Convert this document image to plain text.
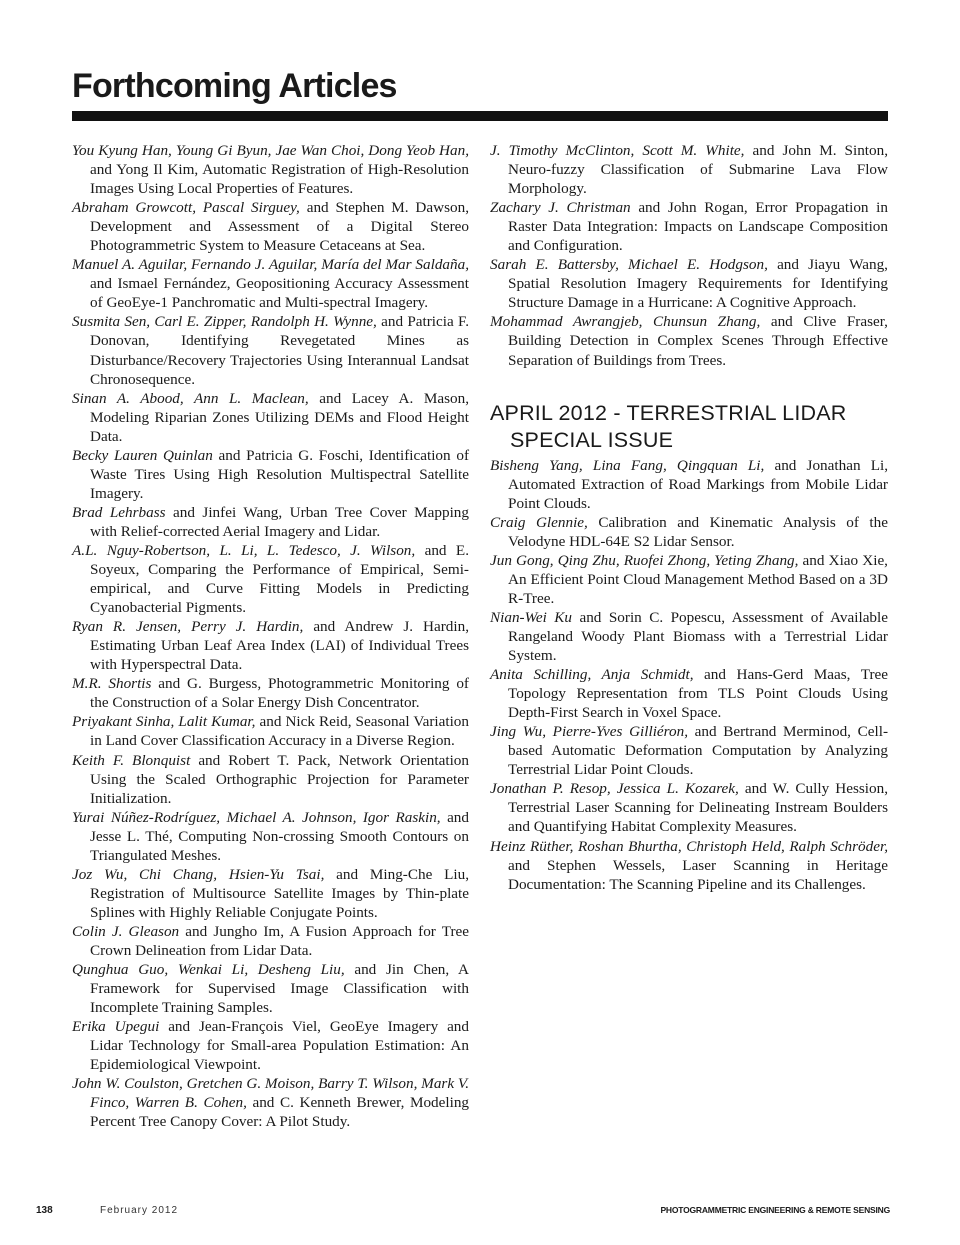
Forthcoming Articles

You Kyung Han, Young Gi Byun, Jae Wan Choi, Dong Yeob Han, and Yong Il Kim, Automatic Registration of High-Resolution Images Using Local Properties of Features.

Abraham Growcott, Pascal Sirguey, and Stephen M. Dawson, Development and Assessment of a Digital Stereo Photogrammetric System to Measure Cetaceans at Sea.

Manuel A. Aguilar, Fernando J. Aguilar, María del Mar Saldaña, and Ismael Fernández, Geopositioning Accuracy Assessment of GeoEye-1 Panchromatic and Multi-spectral Imagery.

Susmita Sen, Carl E. Zipper, Randolph H. Wynne, and Patricia F. Donovan, Identifying Revegetated Mines as Disturbance/Recovery Trajectories Using Interannual Landsat Chronosequence.

Sinan A. Abood, Ann L. Maclean, and Lacey A. Mason, Modeling Riparian Zones Utilizing DEMs and Flood Height Data.

Becky Lauren Quinlan and Patricia G. Foschi, Identification of Waste Tires Using High Resolution Multispectral Satellite Imagery.

Brad Lehrbass and Jinfei Wang, Urban Tree Cover Mapping with Relief-corrected Aerial Imagery and Lidar.

A.L. Nguy-Robertson, L. Li, L. Tedesco, J. Wilson, and E. Soyeux, Comparing the Performance of Empirical, Semi-empirical, and Curve Fitting Models in Predicting Cyanobacterial Pigments.

Ryan R. Jensen, Perry J. Hardin, and Andrew J. Hardin, Estimating Urban Leaf Area Index (LAI) of Individual Trees with Hyperspectral Data.

M.R. Shortis and G. Burgess, Photogrammetric Monitoring of the Construction of a Solar Energy Dish Concentrator.

Priyakant Sinha, Lalit Kumar, and Nick Reid, Seasonal Variation in Land Cover Classification Accuracy in a Diverse Region.

Keith F. Blonquist and Robert T. Pack, Network Orientation Using the Scaled Orthographic Projection for Parameter Initialization.

Yurai Núñez-Rodríguez, Michael A. Johnson, Igor Raskin, and Jesse L. Thé, Computing Non-crossing Smooth Contours on Triangulated Meshes.

Joz Wu, Chi Chang, Hsien-Yu Tsai, and Ming-Che Liu, Registration of Multisource Satellite Images by Thin-plate Splines with Highly Reliable Conjugate Points.

Colin J. Gleason and Jungho Im, A Fusion Approach for Tree Crown Delineation from Lidar Data.

Qunghua Guo, Wenkai Li, Desheng Liu, and Jin Chen, A Framework for Supervised Image Classification with Incomplete Training Samples.

Erika Upegui and Jean-François Viel, GeoEye Imagery and Lidar Technology for Small-area Population Estimation: An Epidemiological Viewpoint.

John W. Coulston, Gretchen G. Moison, Barry T. Wilson, Mark V. Finco, Warren B. Cohen, and C. Kenneth Brewer, Modeling Percent Tree Canopy Cover: A Pilot Study.

J. Timothy McClinton, Scott M. White, and John M. Sinton, Neuro-fuzzy Classification of Submarine Lava Flow Morphology.

Zachary J. Christman and John Rogan, Error Propagation in Raster Data Integration: Impacts on Landscape Composition and Configuration.

Sarah E. Battersby, Michael E. Hodgson, and Jiayu Wang, Spatial Resolution Imagery Requirements for Identifying Structure Damage in a Hurricane: A Cognitive Approach.

Mohammad Awrangjeb, Chunsun Zhang, and Clive Fraser, Building Detection in Complex Scenes Through Effective Separation of Buildings from Trees.

APRIL 2012 - TERRESTRIAL LIDAR SPECIAL ISSUE

Bisheng Yang, Lina Fang, Qingquan Li, and Jonathan Li, Automated Extraction of Road Markings from Mobile Lidar Point Clouds.

Craig Glennie, Calibration and Kinematic Analysis of the Velodyne HDL-64E S2 Lidar Sensor.

Jun Gong, Qing Zhu, Ruofei Zhong, Yeting Zhang, and Xiao Xie, An Efficient Point Cloud Management Method Based on a 3D R-Tree.

Nian-Wei Ku and Sorin C. Popescu, Assessment of Available Rangeland Woody Plant Biomass with a Terrestrial Lidar System.

Anita Schilling, Anja Schmidt, and Hans-Gerd Maas, Tree Topology Representation from TLS Point Clouds Using Depth-First Search in Voxel Space.

Jing Wu, Pierre-Yves Gilliéron, and Bertrand Merminod, Cell-based Automatic Deformation Computation by Analyzing Terrestrial Lidar Point Clouds.

Jonathan P. Resop, Jessica L. Kozarek, and W. Cully Hession, Terrestrial Laser Scanning for Delineating Instream Boulders and Quantifying Habitat Complexity Measures.

Heinz Rüther, Roshan Bhurtha, Christoph Held, Ralph Schröder, and Stephen Wessels, Laser Scanning in Heritage Documentation: The Scanning Pipeline and its Challenges.

138	February 2012	PHOTOGRAMMETRIC ENGINEERING & REMOTE SENSING
